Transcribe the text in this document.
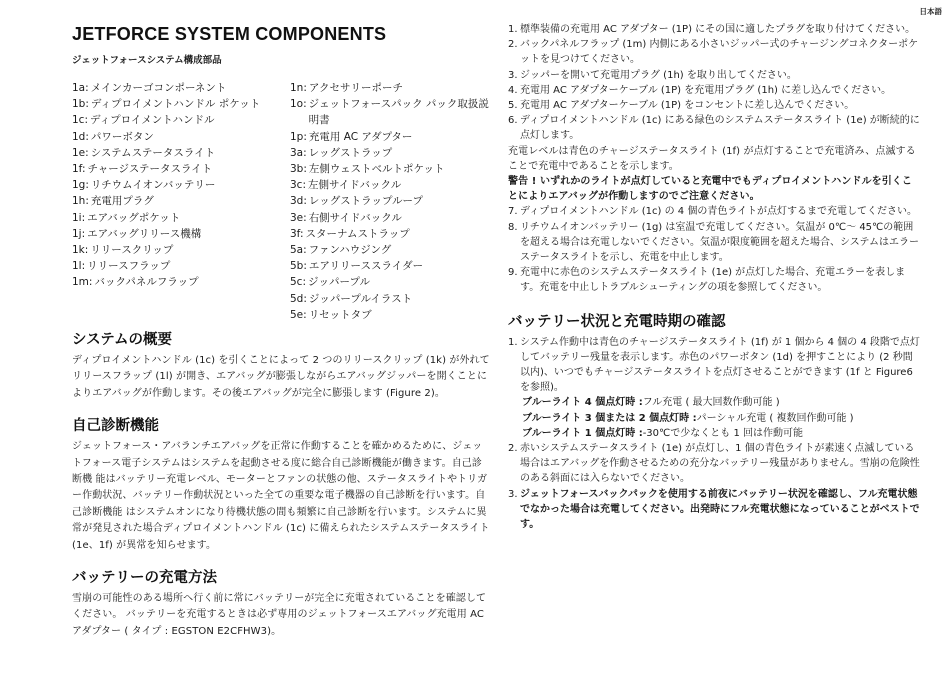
日本語
JETFORCE SYSTEM COMPONENTS
ジェットフォースシステム構成部品
1a: メインカーゴコンポーネント
1b: ディプロイメントハンドル ポケット
1c: ディプロイメントハンドル
1d: パワーボタン
1e: システムステータスライト
1f: チャージステータスライト
1g: リチウムイオンバッテリー
1h: 充電用プラグ
1i: エアバッグポケット
1j: エアバッグリリース機構
1k: リリースクリップ
1l: リリースフラップ
1m: バックパネルフラップ
1n: アクセサリーポーチ
1o: ジェットフォースパック パック取扱説明書
1p: 充電用 AC アダプター
3a: レッグストラップ
3b: 左側ウェストベルトポケット
3c: 左側サイドバックル
3d: レッグストラップループ
3e: 右側サイドバックル
3f: スターナムストラップ
5a: ファンハウジング
5b: エアリリーススライダー
5c: ジッパープル
5d: ジッパープルイラスト
5e: リセットタブ
システムの概要

ディプロイメントハンドル (1c) を引くことによって 2 つのリリースクリップ (1k) が外れてリリースフラップ (1l) が開き、エアバッグが膨張しながらエアバッグジッパーを開くことによりエアバッグが作動します。その後エアバッグが完全に膨張します (Figure 2)。

自己診断機能

ジェットフォース・アバランチエアバッグを正常に作動することを確かめるために、ジェットフォース電子システムはシステムを起動させる度に総合自己診断機能が働きます。自己診断機 能はバッテリー充電レベル、モーターとファンの状態の他、ステータスライトやトリガー作動状況、バッテリー作動状況といった全ての重要な電子機器の自己診断を行います。自己診断機能 はシステムオンになり待機状態の間も頻繁に自己診断を行います。システムに異常が発見された場合ディプロイメントハンドル (1c) に備えられたシステムステータスライト (1e、1f) が異常を知らせます。

バッテリーの充電方法

雪崩の可能性のある場所へ行く前に常にバッテリーが完全に充電されていることを確認してください。 バッテリーを充電するときは必ず専用のジェットフォースエアバッグ充電用 AC アダプター ( タイプ : EGSTON E2CFHW3)。

1. 標準装備の充電用 AC アダプター (1P) にその国に適したプラグを取り付けてください。
2. バックパネルフラップ (1m) 内側にある小さいジッパー式のチャージングコネクターポケットを見つけてください。
3. ジッパーを開いて充電用プラグ (1h) を取り出してください。
4. 充電用 AC アダプターケーブル (1P) を充電用プラグ (1h) に差し込んでください。
5. 充電用 AC アダプターケーブル (1P) をコンセントに差し込んでください。
6. ディプロイメントハンドル (1c) にある緑色のシステムステータスライト (1e) が断続的に点灯します。

充電レベルは青色のチャージステータスライト (1f) が点灯することで充電済み、点滅することで充電中であることを示します。

警告 ! いずれかのライトが点灯していると充電中でもディプロイメントハンドルを引くことによりエアバッグが作動しますのでご注意ください。

7. ディプロイメントハンドル (1c) の 4 個の青色ライトが点灯するまで充電してください。
8. リチウムイオンバッテリー (1g) は室温で充電してください。気温が 0℃～ 45℃の範囲を超える場合は充電しないでください。気温が限度範囲を超えた場合、システムはエラーステータスライトを示し、充電を中止します。
9. 充電中に赤色のシステムステータスライト (1e) が点灯した場合、充電エラーを表します。充電を中止しトラブルシューティングの項を参照してください。
バッテリー状況と充電時期の確認
1. システム作動中は青色のチャージステータスライト (1f) が 1 個から 4 個の 4 段階で点灯してバッテリー残量を表示します。赤色のパワーボタン (1d) を押すことにより (2 秒間以内)、いつでもチャージステータスライトを点灯させることができます (1f と Figure6 を参照)。
ブルーライト 4 個点灯時 :フル充電 ( 最大回数作動可能 )
ブルーライト 3 個または 2 個点灯時 :パーシャル充電 ( 複数回作動可能 )
ブルーライト 1 個点灯時 :-30℃で少なくとも 1 回は作動可能
2. 赤いシステムステータスライト (1e) が点灯し、1 個の青色ライトが素速く点滅している場合はエアバッグを作動させるための充分なバッテリー残量がありません。雪崩の危険性 のある斜面には入らないでください。
3. ジェットフォースバックパックを使用する前夜にバッテリー状況を確認し、フル充電状態でなかった場合は充電してください。出発時にフル充電状態になっていることがベストです。
